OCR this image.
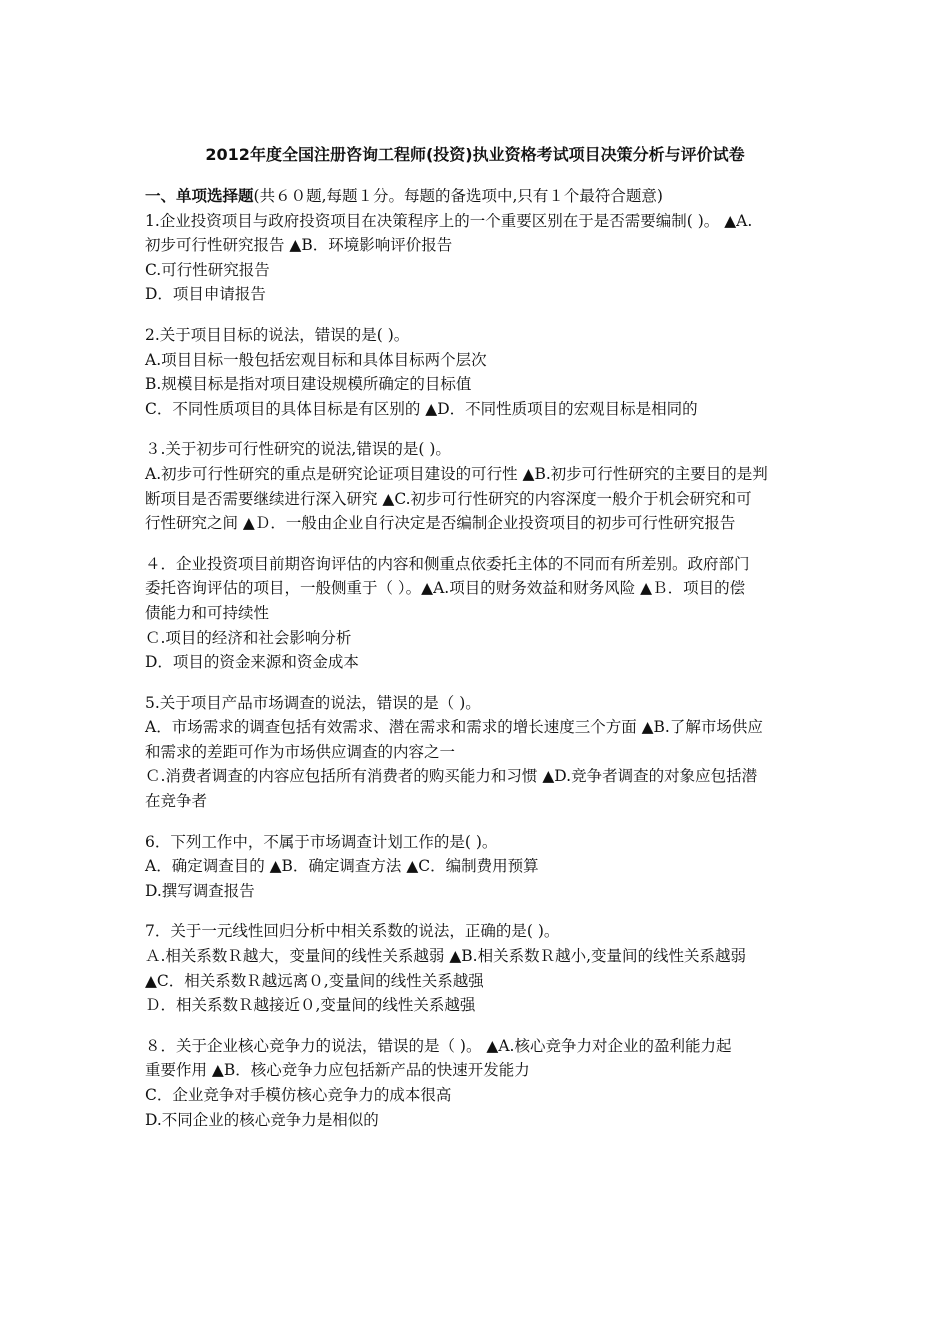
2012年度全国注册咨询工程师(投资)执业资格考试项目决策分析与评价试卷
一、单项选择题(共６０题,每题１分。每题的备选项中,只有１个最符合题意)
1.企业投资项目与政府投资项目在决策程序上的一个重要区别在于是否需要编制( )。 ▲A.
初步可行性研究报告 ▲B．环境影响评价报告
C.可行性研究报告
D．项目申请报告
2.关于项目目标的说法，错误的是( )。
A.项目目标一般包括宏观目标和具体目标两个层次
B.规模目标是指对项目建设规模所确定的目标值
C．不同性质项目的具体目标是有区别的 ▲D．不同性质项目的宏观目标是相同的
３.关于初步可行性研究的说法,错误的是( )。
A.初步可行性研究的重点是研究论证项目建设的可行性 ▲B.初步可行性研究的主要目的是判
断项目是否需要继续进行深入研究 ▲C.初步可行性研究的内容深度一般介于机会研究和可
行性研究之间 ▲Ｄ．一般由企业自行决定是否编制企业投资项目的初步可行性研究报告
４．企业投资项目前期咨询评估的内容和侧重点依委托主体的不同而有所差别。政府部门
委托咨询评估的项目，一般侧重于（ ）。▲A.项目的财务效益和财务风险 ▲Ｂ．项目的偿
债能力和可持续性
Ｃ.项目的经济和社会影响分析
D．项目的资金来源和资金成本
5.关于项目产品市场调查的说法，错误的是（ )。
A．市场需求的调查包括有效需求、潜在需求和需求的增长速度三个方面 ▲B.了解市场供应
和需求的差距可作为市场供应调查的内容之一
Ｃ.消费者调查的内容应包括所有消费者的购买能力和习惯 ▲D.竞争者调查的对象应包括潜
在竞争者
6．下列工作中，不属于市场调查计划工作的是( )。
A．确定调查目的 ▲B．确定调查方法 ▲C．编制费用预算
D.撰写调查报告
7．关于一元线性回归分析中相关系数的说法，正确的是( )。
Ａ.相关系数Ｒ越大，变量间的线性关系越弱 ▲B.相关系数Ｒ越小,变量间的线性关系越弱
▲C．相关系数Ｒ越远离０,变量间的线性关系越强
Ｄ．相关系数Ｒ越接近０,变量间的线性关系越强
８．关于企业核心竞争力的说法，错误的是（ )。 ▲A.核心竞争力对企业的盈利能力起
重要作用 ▲B．核心竞争力应包括新产品的快速开发能力
C．企业竞争对手模仿核心竞争力的成本很高
D.不同企业的核心竞争力是相似的
